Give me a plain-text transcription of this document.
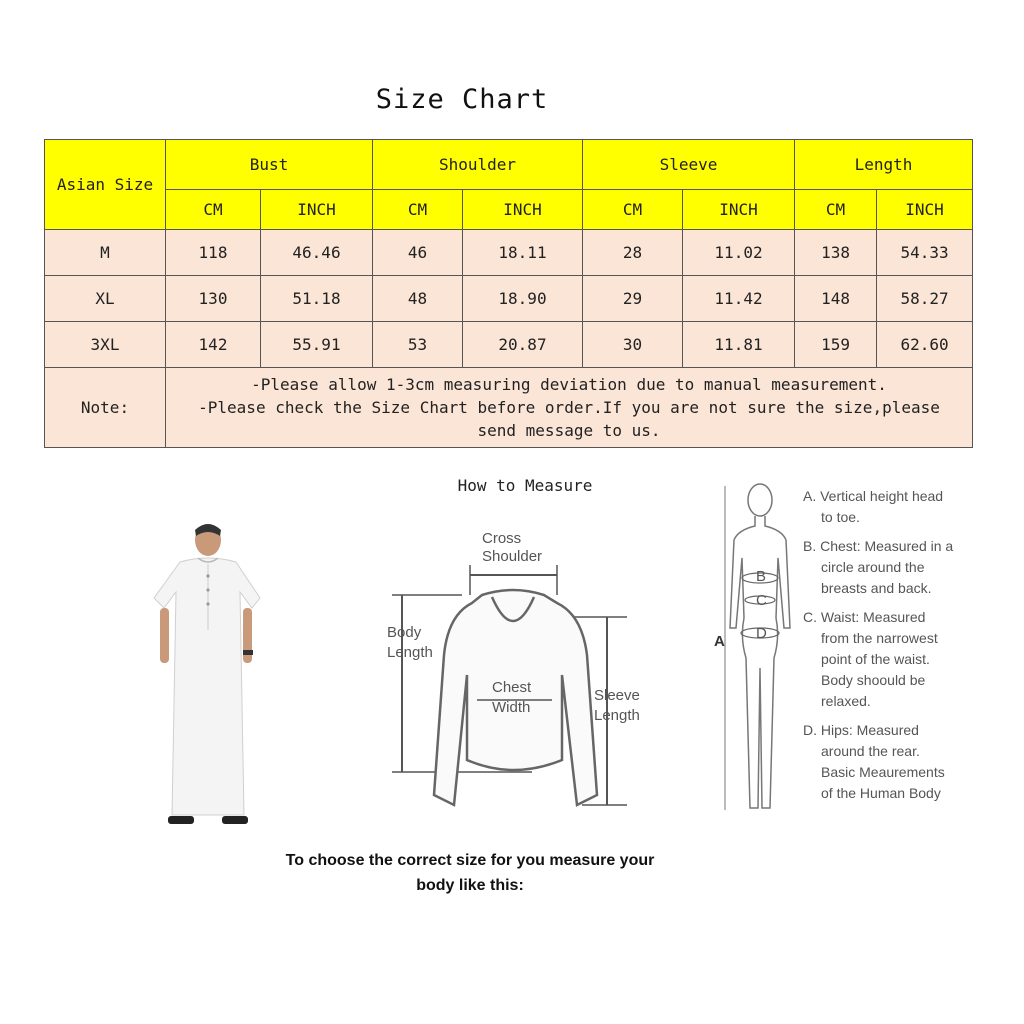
Size Chart
Asian Size	Bust		Shoulder		Sleeve		Length	
	CM	INCH	CM	INCH	CM	INCH	CM	INCH
M	118	46.46	46	18.11	28	11.02	138	54.33
XL	130	51.18	48	18.90	29	11.42	148	58.27
3XL	142	55.91	53	20.87	30	11.81	159	62.60
Note:	-Please allow 1-3cm measuring deviation due to manual measurement.
-Please check the Size Chart before order.If you are not sure the size,please
send message to us.							
How to Measure
Cross
Shoulder
Body
Length
Chest
Width
Sleeve
Length
B
C
D
A
A. Vertical height head
to toe.
B. Chest: Measured in a
circle around the
breasts and back.
C. Waist: Measured
from the narrowest
point of the waist.
Body shoould be
relaxed.
D. Hips: Measured
around the rear.
Basic Meaurements
of the Human Body
To choose the correct size for you measure your
body like this:
